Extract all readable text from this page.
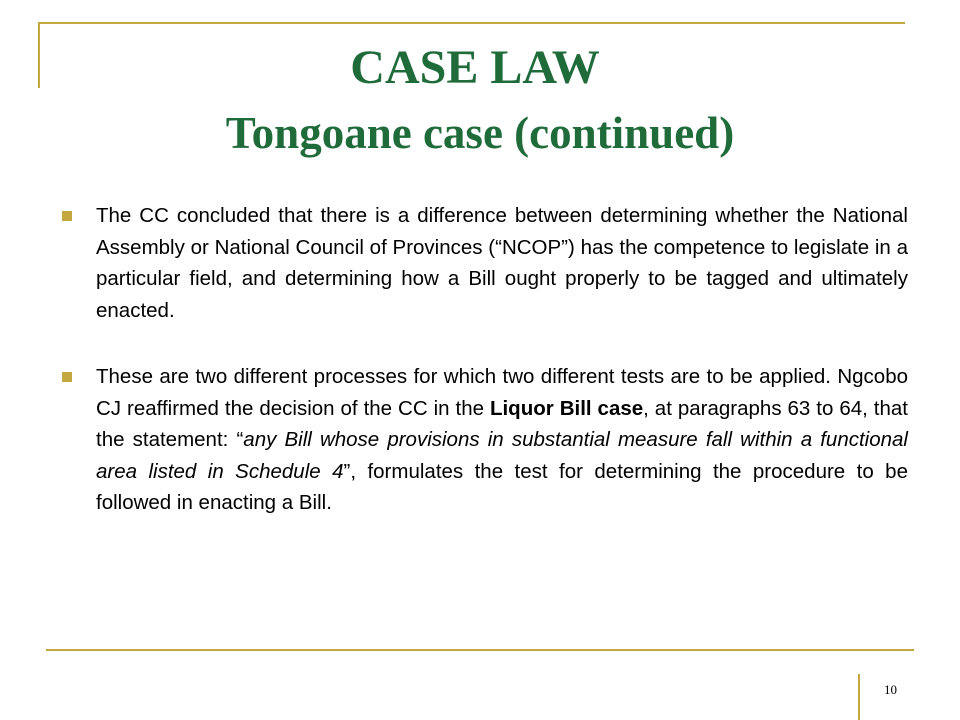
CASE LAW
Tongoane case (continued)

The CC concluded that there is a difference between determining whether the National Assembly or National Council of Provinces (“NCOP”) has the competence to legislate in a particular field, and determining how a Bill ought properly to be tagged and ultimately enacted.

These are two different processes for which two different tests are to be applied. Ngcobo CJ reaffirmed the decision of the CC in the Liquor Bill case, at paragraphs 63 to 64, that the statement: “any Bill whose provisions in substantial measure fall within a functional area listed in Schedule 4”, formulates the test for determining the procedure to be followed in enacting a Bill.

10
